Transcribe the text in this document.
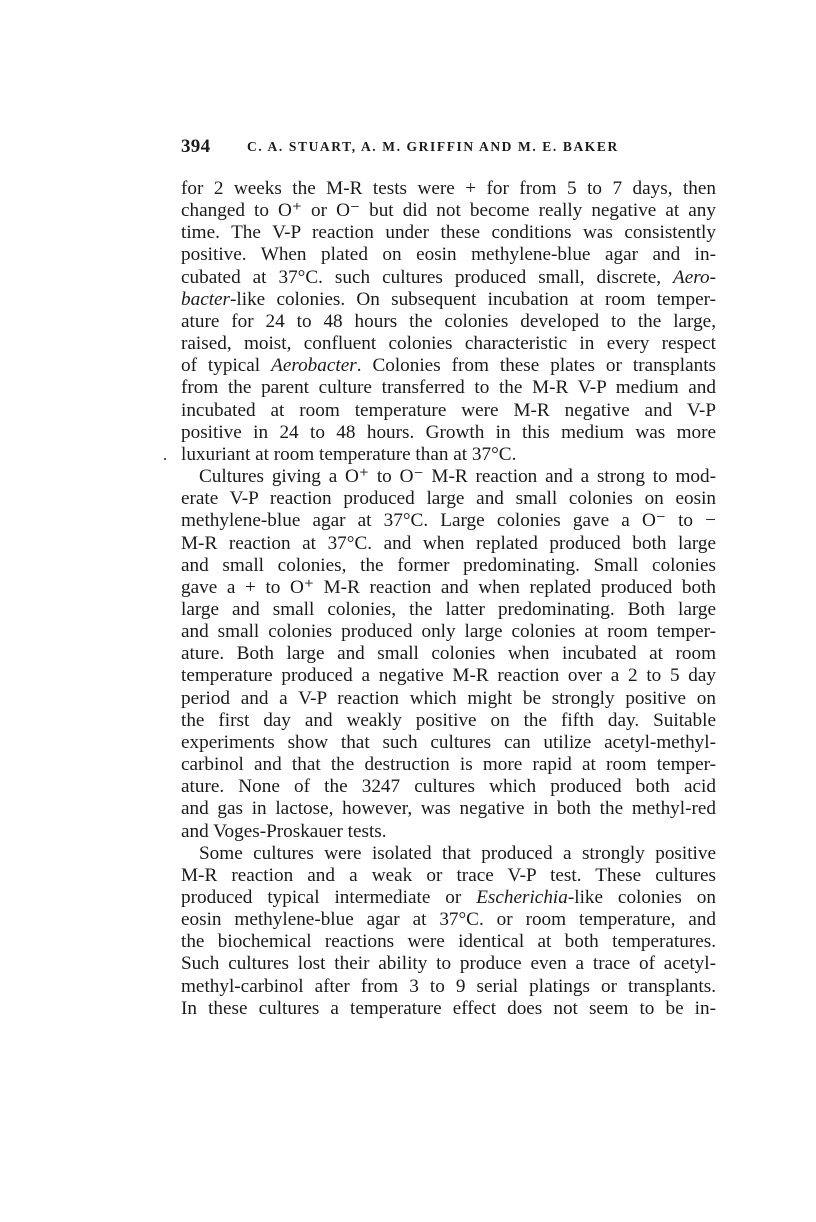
394	C. A. STUART, A. M. GRIFFIN AND M. E. BAKER

for 2 weeks the M-R tests were + for from 5 to 7 days, then
changed to O⁺ or O⁻ but did not become really negative at any
time. The V-P reaction under these conditions was consistently
positive. When plated on eosin methylene-blue agar and in-
cubated at 37°C. such cultures produced small, discrete, Aero-
bacter-like colonies. On subsequent incubation at room temper-
ature for 24 to 48 hours the colonies developed to the large,
raised, moist, confluent colonies characteristic in every respect
of typical Aerobacter. Colonies from these plates or transplants
from the parent culture transferred to the M-R V-P medium and
incubated at room temperature were M-R negative and V-P
positive in 24 to 48 hours. Growth in this medium was more
luxuriant at room temperature than at 37°C.

Cultures giving a O⁺ to O⁻ M-R reaction and a strong to mod-
erate V-P reaction produced large and small colonies on eosin
methylene-blue agar at 37°C. Large colonies gave a O⁻ to −
M-R reaction at 37°C. and when replated produced both large
and small colonies, the former predominating. Small colonies
gave a + to O⁺ M-R reaction and when replated produced both
large and small colonies, the latter predominating. Both large
and small colonies produced only large colonies at room temper-
ature. Both large and small colonies when incubated at room
temperature produced a negative M-R reaction over a 2 to 5 day
period and a V-P reaction which might be strongly positive on
the first day and weakly positive on the fifth day. Suitable
experiments show that such cultures can utilize acetyl-methyl-
carbinol and that the destruction is more rapid at room temper-
ature. None of the 3247 cultures which produced both acid
and gas in lactose, however, was negative in both the methyl-red
and Voges-Proskauer tests.

Some cultures were isolated that produced a strongly positive
M-R reaction and a weak or trace V-P test. These cultures
produced typical intermediate or Escherichia-like colonies on
eosin methylene-blue agar at 37°C. or room temperature, and
the biochemical reactions were identical at both temperatures.
Such cultures lost their ability to produce even a trace of acetyl-
methyl-carbinol after from 3 to 9 serial platings or transplants.
In these cultures a temperature effect does not seem to be in-
